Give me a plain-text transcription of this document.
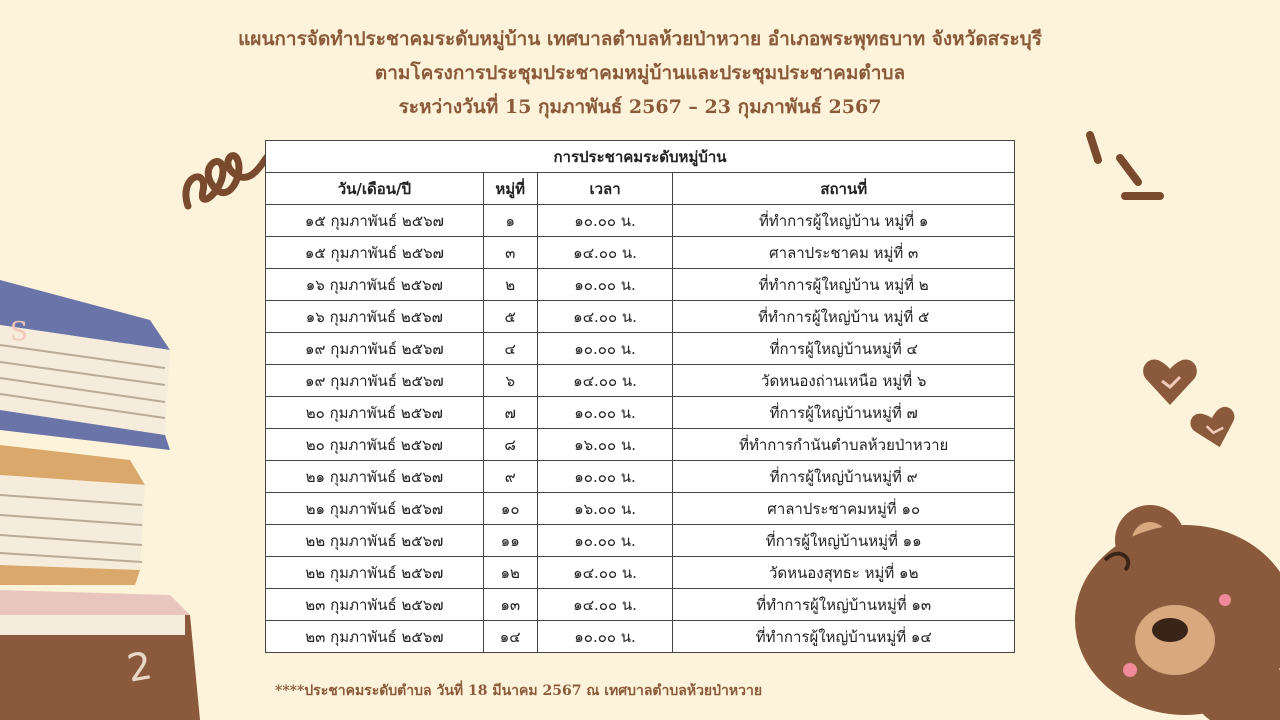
S
2
แผนการจัดทำประชาคมระดับหมู่บ้าน เทศบาลตำบลห้วยป่าหวาย อำเภอพระพุทธบาท จังหวัดสระบุรี
ตามโครงการประชุมประชาคมหมู่บ้านและประชุมประชาคมตำบล
ระหว่างวันที่ 15 กุมภาพันธ์ 2567 – 23 กุมภาพันธ์ 2567
การประชาคมระดับหมู่บ้าน			
วัน/เดือน/ปี	หมู่ที่	เวลา	สถานที่
๑๕ กุมภาพันธ์ ๒๕๖๗	๑	๑๐.๐๐ น.	ที่ทำการผู้ใหญ่บ้าน หมู่ที่ ๑
๑๕ กุมภาพันธ์ ๒๕๖๗	๓	๑๔.๐๐ น.	ศาลาประชาคม หมู่ที่ ๓
๑๖ กุมภาพันธ์ ๒๕๖๗	๒	๑๐.๐๐ น.	ที่ทำการผู้ใหญ่บ้าน หมู่ที่ ๒
๑๖ กุมภาพันธ์ ๒๕๖๗	๕	๑๔.๐๐ น.	ที่ทำการผู้ใหญ่บ้าน หมู่ที่ ๕
๑๙ กุมภาพันธ์ ๒๕๖๗	๔	๑๐.๐๐ น.	ที่การผู้ใหญ่บ้านหมู่ที่ ๔
๑๙ กุมภาพันธ์ ๒๕๖๗	๖	๑๔.๐๐ น.	วัดหนองถ่านเหนือ หมู่ที่ ๖
๒๐ กุมภาพันธ์ ๒๕๖๗	๗	๑๐.๐๐ น.	ที่การผู้ใหญ่บ้านหมู่ที่ ๗
๒๐ กุมภาพันธ์ ๒๕๖๗	๘	๑๖.๐๐ น.	ที่ทำการกำนันตำบลห้วยป่าหวาย
๒๑ กุมภาพันธ์ ๒๕๖๗	๙	๑๐.๐๐ น.	ที่การผู้ใหญ่บ้านหมู่ที่ ๙
๒๑ กุมภาพันธ์ ๒๕๖๗	๑๐	๑๖.๐๐ น.	ศาลาประชาคมหมู่ที่ ๑๐
๒๒ กุมภาพันธ์ ๒๕๖๗	๑๑	๑๐.๐๐ น.	ที่การผู้ใหญ่บ้านหมู่ที่ ๑๑
๒๒ กุมภาพันธ์ ๒๕๖๗	๑๒	๑๔.๐๐ น.	วัดหนองสุทธะ หมู่ที่ ๑๒
๒๓ กุมภาพันธ์ ๒๕๖๗	๑๓	๑๔.๐๐ น.	ที่ทำการผู้ใหญ่บ้านหมู่ที่ ๑๓
๒๓ กุมภาพันธ์ ๒๕๖๗	๑๔	๑๐.๐๐ น.	ที่ทำการผู้ใหญ่บ้านหมู่ที่ ๑๔
****ประชาคมระดับตำบล วันที่ 18 มีนาคม 2567 ณ เทศบาลตำบลห้วยป่าหวาย
